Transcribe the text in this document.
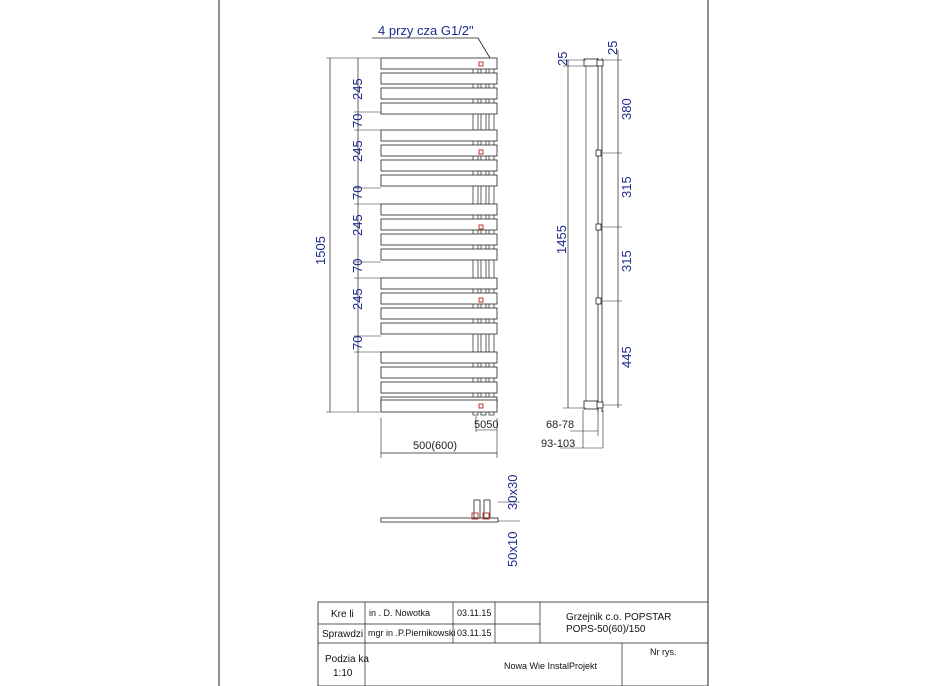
4 przy cza G1/2"
1505
245
70
245
70
245
70
245
70
500(600)
5050
25
1455
25
380
315
315
445
68-78
93-103
30x30
50x10
Kre li in . D. Nowotka	03.11.15
Sprawdzi mgr in .P.Piernikowski 03.11.15
Grzejnik c.o. POPSTAR
POPS-50(60)/150
Podzia ka
1:10
Nowa Wie InstalProjekt
Nr rys.
